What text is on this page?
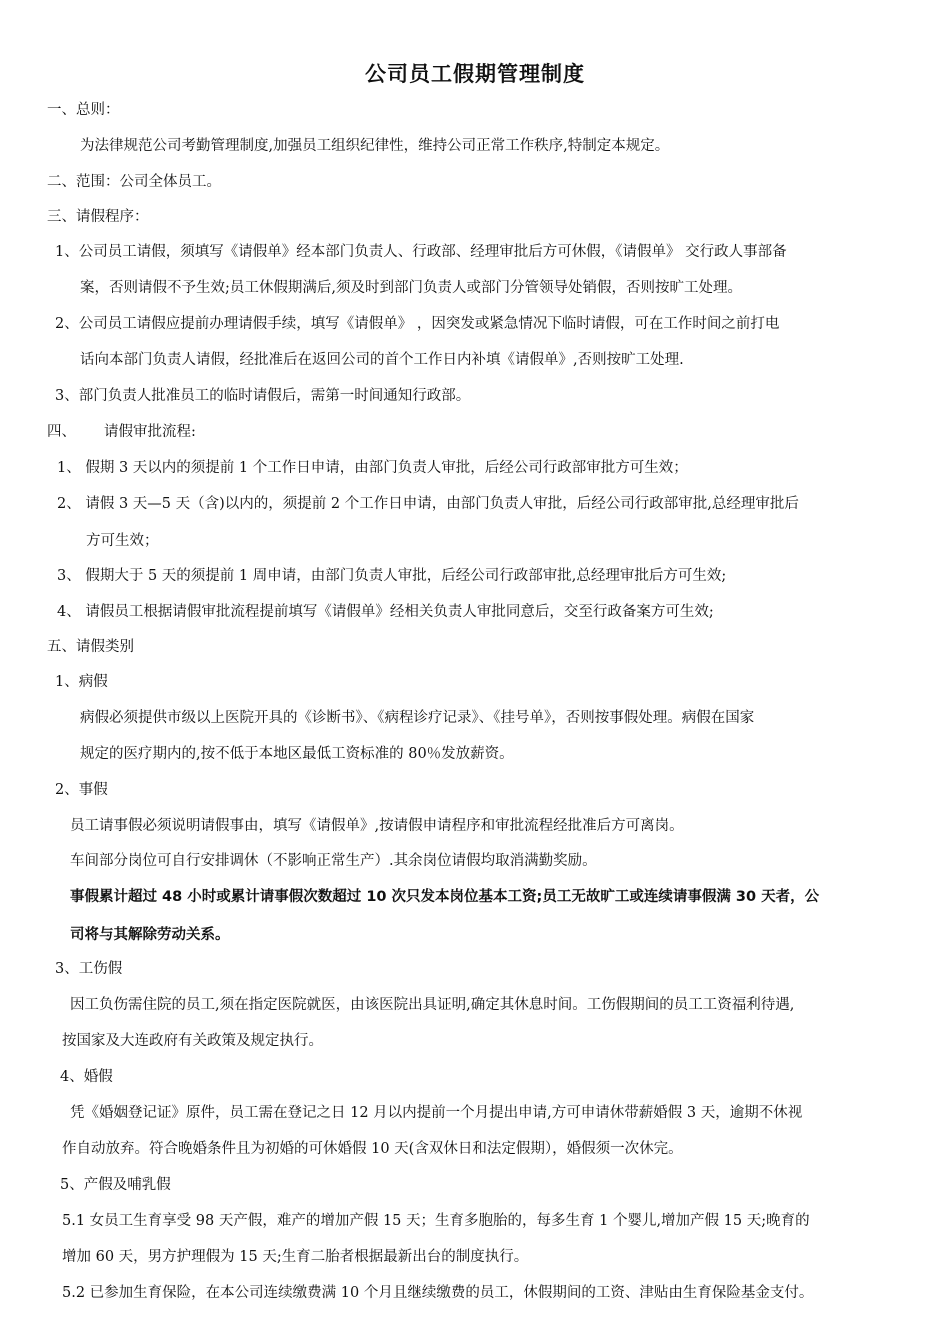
公司员工假期管理制度
一、总则：
为法律规范公司考勤管理制度,加强员工组织纪律性，维持公司正常工作秩序,特制定本规定。
二、范围：公司全体员工。
三、请假程序：
1、公司员工请假，须填写《请假单》经本部门负责人、行政部、经理审批后方可休假，《请假单》 交行政人事部备
案，否则请假不予生效;员工休假期满后,须及时到部门负责人或部门分管领导处销假，否则按旷工处理。
2、公司员工请假应提前办理请假手续，填写《请假单》 ，因突发或紧急情况下临时请假，可在工作时间之前打电
话向本部门负责人请假，经批准后在返回公司的首个工作日内补填《请假单》,否则按旷工处理.
3、部门负责人批准员工的临时请假后，需第一时间通知行政部。
四、 请假审批流程:
1、 假期 3 天以内的须提前 1 个工作日申请，由部门负责人审批，后经公司行政部审批方可生效；
2、 请假 3 天—5 天（含)以内的，须提前 2 个工作日申请，由部门负责人审批，后经公司行政部审批,总经理审批后
方可生效；
3、 假期大于 5 天的须提前 1 周申请，由部门负责人审批，后经公司行政部审批,总经理审批后方可生效;
4、 请假员工根据请假审批流程提前填写《请假单》经相关负责人审批同意后，交至行政备案方可生效;
五、请假类别
1、病假
病假必须提供市级以上医院开具的《诊断书》、《病程诊疗记录》、《挂号单》，否则按事假处理。病假在国家
规定的医疗期内的,按不低于本地区最低工资标准的 80％发放薪资。
2、事假
员工请事假必须说明请假事由，填写《请假单》,按请假申请程序和审批流程经批准后方可离岗。
车间部分岗位可自行安排调休（不影响正常生产）.其余岗位请假均取消满勤奖励。
事假累计超过 48 小时或累计请事假次数超过 10 次只发本岗位基本工资;员工无故旷工或连续请事假满 30 天者，公
司将与其解除劳动关系。
3、工伤假
因工负伤需住院的员工,须在指定医院就医，由该医院出具证明,确定其休息时间。工伤假期间的员工工资福利待遇,
按国家及大连政府有关政策及规定执行。
4、婚假
凭《婚姻登记证》原件，员工需在登记之日 12 月以内提前一个月提出申请,方可申请休带薪婚假 3 天，逾期不休视
作自动放弃。符合晚婚条件且为初婚的可休婚假 10 天(含双休日和法定假期），婚假须一次休完。
5、产假及哺乳假
5.1 女员工生育享受 98 天产假，难产的增加产假 15 天；生育多胞胎的，每多生育 1 个婴儿,增加产假 15 天;晚育的
增加 60 天，男方护理假为 15 天;生育二胎者根据最新出台的制度执行。
5.2 已参加生育保险，在本公司连续缴费满 10 个月且继续缴费的员工，休假期间的工资、津贴由生育保险基金支付。
